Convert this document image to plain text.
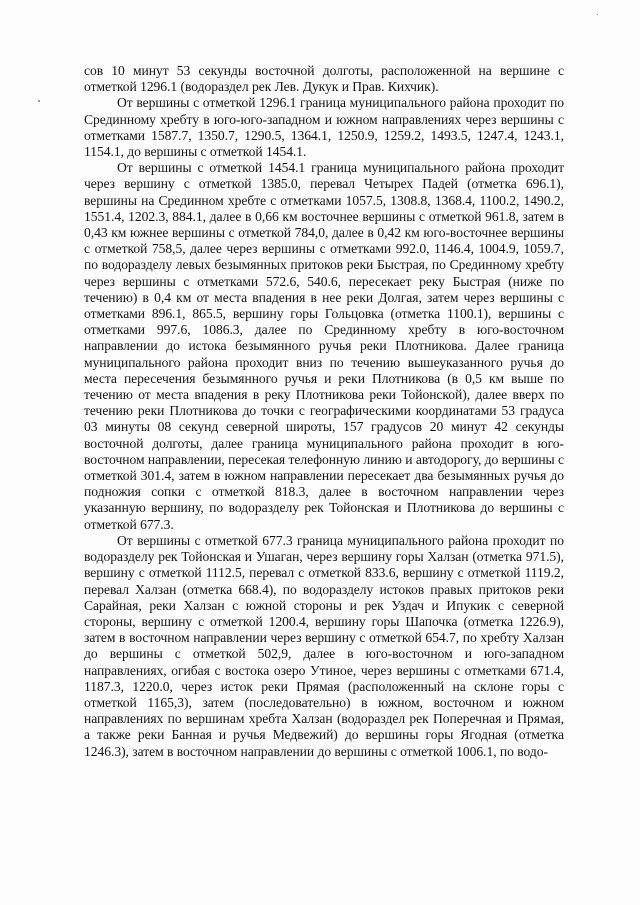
сов 10 минут 53 секунды восточной долготы, расположенной на вершине с отметкой 1296.1 (водораздел рек Лев. Дукук и Прав. Кихчик).

От вершины с отметкой 1296.1 граница муниципального района проходит по Срединному хребту в юго-юго-западном и южном направлениях через вершины с отметками 1587.7, 1350.7, 1290.5, 1364.1, 1250.9, 1259.2, 1493.5, 1247.4, 1243.1, 1154.1, до вершины с отметкой 1454.1.

От вершины с отметкой 1454.1 граница муниципального района проходит через вершину с отметкой 1385.0, перевал Четырех Падей (отметка 696.1), вершины на Срединном хребте с отметками 1057.5, 1308.8, 1368.4, 1100.2, 1490.2, 1551.4, 1202.3, 884.1, далее в 0,66 км восточнее вершины с отметкой 961.8, затем в 0,43 км южнее вершины с отметкой 784,0, далее в 0,42 км юго-восточнее вершины с отметкой 758,5, далее через вершины с отметками 992.0, 1146.4, 1004.9, 1059.7, по водоразделу левых безымянных притоков реки Быстрая, по Срединному хребту через вершины с отметками 572.6, 540.6, пересекает реку Быстрая (ниже по течению) в 0,4 км от места впадения в нее реки Долгая, затем через вершины с отметками 896.1, 865.5, вершину горы Гольцовка (отметка 1100.1), вершины с отметками 997.6, 1086.3, далее по Срединному хребту в юго-восточном направлении до истока безымянного ручья реки Плотникова. Далее граница муниципального района проходит вниз по течению вышеуказанного ручья до места пересечения безымянного ручья и реки Плотникова (в 0,5 км выше по течению от места впадения в реку Плотникова реки Тойонской), далее вверх по течению реки Плотникова до точки с географическими координатами 53 градуса 03 минуты 08 секунд северной широты, 157 градусов 20 минут 42 секунды восточной долготы, далее граница муниципального района проходит в юго-восточном направлении, пересекая телефонную линию и автодорогу, до вершины с отметкой 301.4, затем в южном направлении пересекает два безымянных ручья до подножия сопки с отметкой 818.3, далее в восточном направлении через указанную вершину, по водоразделу рек Тойонская и Плотникова до вершины с отметкой 677.3.

От вершины с отметкой 677.3 граница муниципального района проходит по водоразделу рек Тойонская и Ушаган, через вершину горы Халзан (отметка 971.5), вершину с отметкой 1112.5, перевал с отметкой 833.6, вершину с отметкой 1119.2, перевал Халзан (отметка 668.4), по водоразделу истоков правых притоков реки Сарайная, реки Халзан с южной стороны и рек Уздач и Ипукик с северной стороны, вершину с отметкой 1200.4, вершину горы Шапочка (отметка 1226.9), затем в восточном направлении через вершину с отметкой 654.7, по хребту Халзан до вершины с отметкой 502,9, далее в юго-восточном и юго-западном направлениях, огибая с востока озеро Утиное, через вершины с отметками 671.4, 1187.3, 1220.0, через исток реки Прямая (расположенный на склоне горы с отметкой 1165,3), затем (последовательно) в южном, восточном и южном направлениях по вершинам хребта Халзан (водораздел рек Поперечная и Прямая, а также реки Банная и ручья Медвежий) до вершины горы Ягодная (отметка 1246.3), затем в восточном направлении до вершины с отметкой 1006.1, по водо-
